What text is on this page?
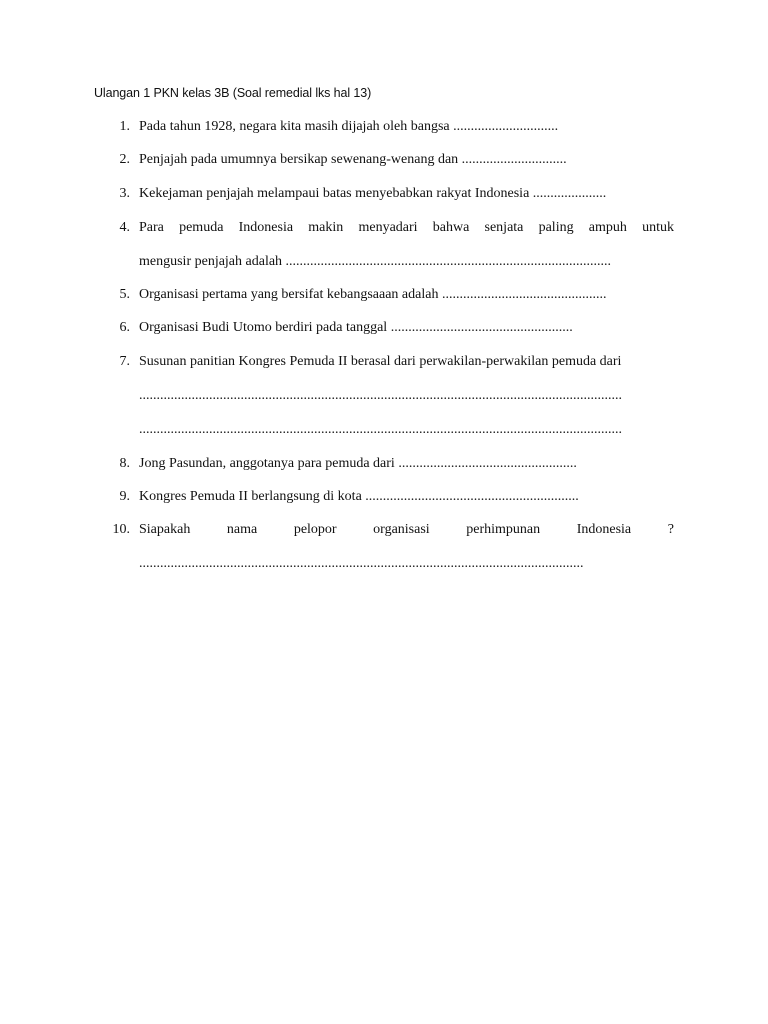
Ulangan 1 PKN kelas 3B (Soal remedial lks hal 13)
1. Pada tahun 1928, negara kita masih dijajah oleh bangsa ..............................
2. Penjajah pada umumnya bersikap sewenang-wenang dan ..............................
3. Kekejaman penjajah melampaui batas menyebabkan rakyat Indonesia .....................
4. Para pemuda Indonesia makin menyadari bahwa senjata paling ampuh untuk
mengusir penjajah adalah .............................................................................................
5. Organisasi pertama yang bersifat kebangsaaan adalah ...............................................
6. Organisasi Budi Utomo berdiri pada tanggal ....................................................
7. Susunan panitian Kongres Pemuda II berasal dari perwakilan-perwakilan pemuda dari
..........................................................................................................................................
..........................................................................................................................................
8. Jong Pasundan, anggotanya para pemuda dari ...................................................
9. Kongres Pemuda II berlangsung di kota .............................................................
10. Siapakah	nama	pelopor	organisasi	perhimpunan	Indonesia	?
...............................................................................................................................
